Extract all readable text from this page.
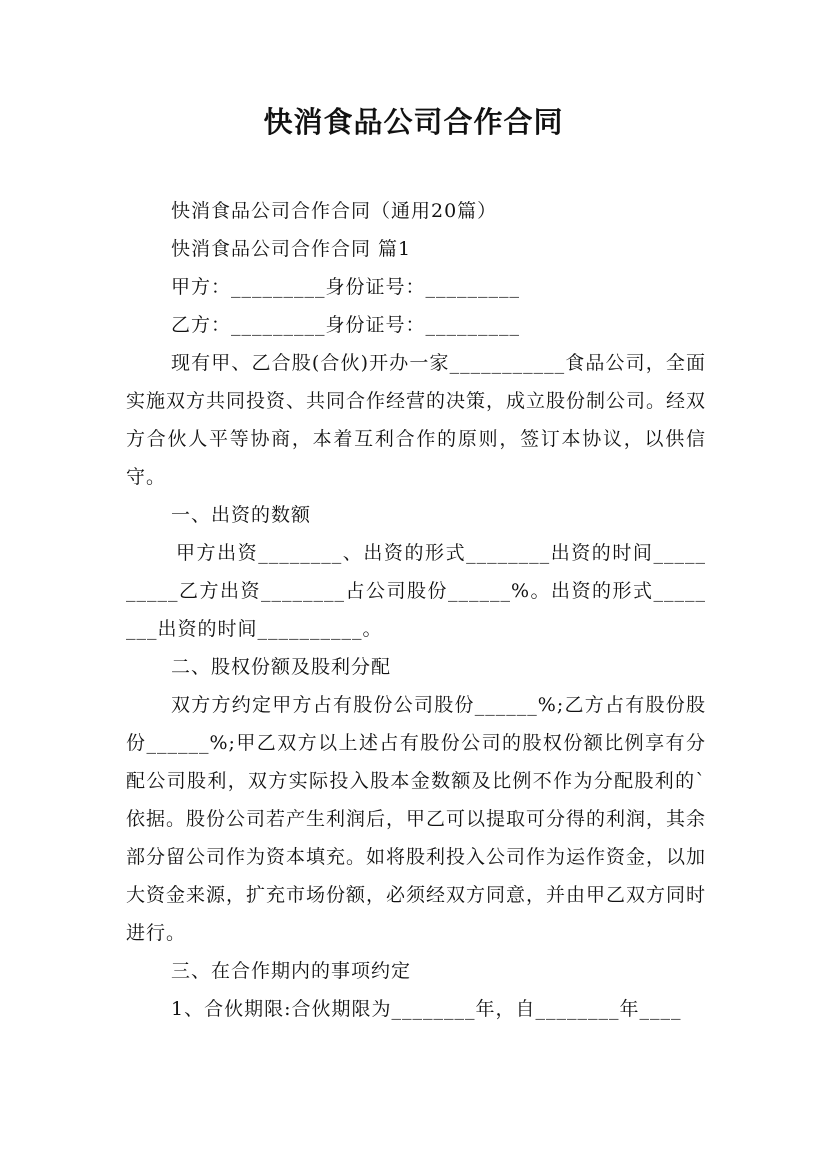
快消食品公司合作合同

快消食品公司合作合同（通用20篇）

快消食品公司合作合同 篇1

甲方：_________身份证号：_________

乙方：_________身份证号：_________

现有甲、乙合股(合伙)开办一家___________食品公司，全面实施双方共同投资、共同合作经营的决策，成立股份制公司。经双方合伙人平等协商，本着互利合作的原则，签订本协议，以供信守。

一、出资的数额

甲方出资________、出资的形式________出资的时间__________乙方出资________占公司股份______%。出资的形式________出资的时间__________。

二、股权份额及股利分配

双方方约定甲方占有股份公司股份______%;乙方占有股份股份______%;甲乙双方以上述占有股份公司的股权份额比例享有分配公司股利，双方实际投入股本金数额及比例不作为分配股利的`依据。股份公司若产生利润后，甲乙可以提取可分得的利润，其余部分留公司作为资本填充。如将股利投入公司作为运作资金，以加大资金来源，扩充市场份额，必须经双方同意，并由甲乙双方同时进行。

三、在合作期内的事项约定

1、合伙期限:合伙期限为________年，自________年____
